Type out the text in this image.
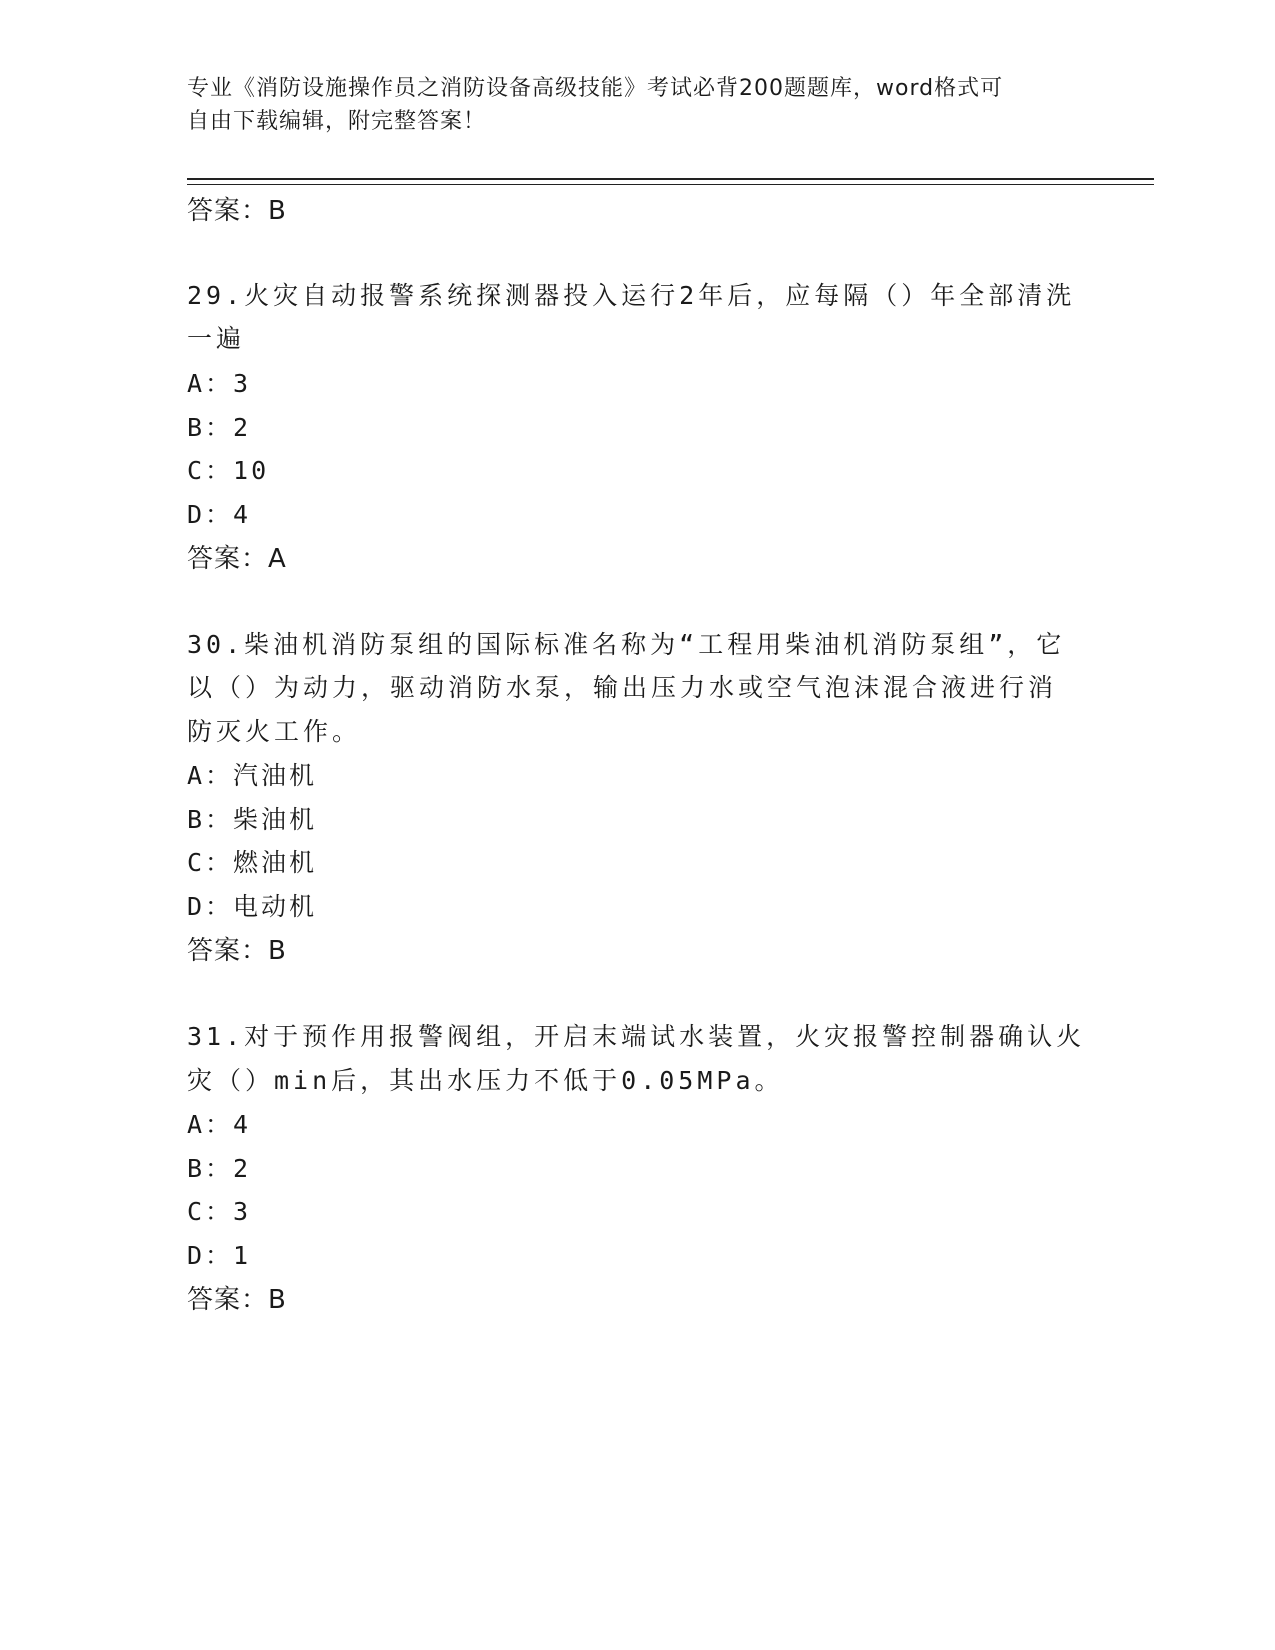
专业《消防设施操作员之消防设备高级技能》考试必背200题题库，word格式可
自由下载编辑，附完整答案！
答案：B
29.火灾自动报警系统探测器投入运行2年后，应每隔（）年全部清洗
一遍
A：3
B：2
C：10
D：4
答案：A
30.柴油机消防泵组的国际标准名称为“工程用柴油机消防泵组”，它
以（）为动力，驱动消防水泵，输出压力水或空气泡沫混合液进行消
防灭火工作。
A：汽油机
B：柴油机
C：燃油机
D：电动机
答案：B
31.对于预作用报警阀组，开启末端试水装置，火灾报警控制器确认火
灾（）min后，其出水压力不低于0.05MPa。
A：4
B：2
C：3
D：1
答案：B
